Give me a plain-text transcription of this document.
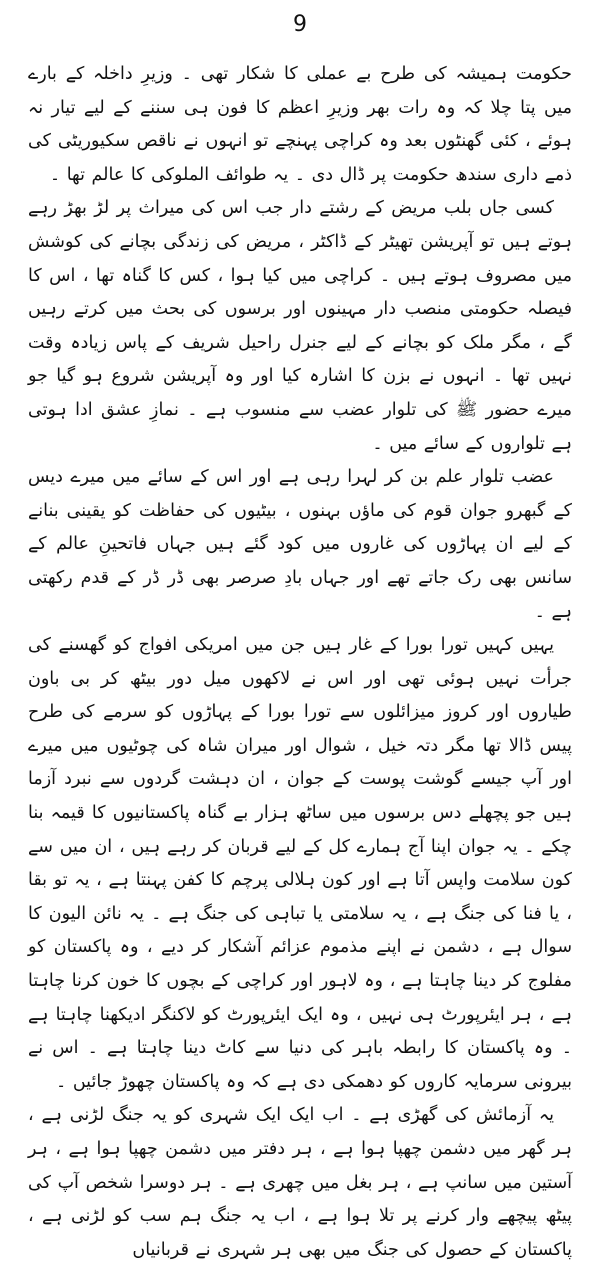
9

حکومت ہمیشہ کی طرح بے عملی کا شکار تھی ۔ وزیرِ داخلہ کے بارے میں پتا چلا کہ وہ رات بھر وزیرِ اعظم کا فون ہی سننے کے لیے تیار نہ ہوئے ، کئی گھنٹوں بعد وہ کراچی پہنچے تو انہوں نے ناقص سکیوریٹی کی ذمے داری سندھ حکومت پر ڈال دی ۔ یہ طوائف الملوکی کا عالم تھا ۔

کسی جاں بلب مریض کے رشتے دار جب اس کی میراث پر لڑ بھڑ رہے ہوتے ہیں تو آپریشن تھیٹر کے ڈاکٹر ، مریض کی زندگی بچانے کی کوشش میں مصروف ہوتے ہیں ۔ کراچی میں کیا ہوا ، کس کا گناہ تھا ، اس کا فیصلہ حکومتی منصب دار مہینوں اور برسوں کی بحث میں کرتے رہیں گے ، مگر ملک کو بچانے کے لیے جنرل راحیل شریف کے پاس زیادہ وقت نہیں تھا ۔ انہوں نے بزن کا اشارہ کیا اور وہ آپریشن شروع ہو گیا جو میرے حضور ﷺ کی تلوار عضب سے منسوب ہے ۔ نمازِ عشق ادا ہوتی ہے تلواروں کے سائے میں ۔

عضب تلوار علم بن کر لہرا رہی ہے اور اس کے سائے میں میرے دیس کے گبھرو جوان قوم کی ماؤں بہنوں ، بیٹیوں کی حفاظت کو یقینی بنانے کے لیے ان پہاڑوں کی غاروں میں کود گئے ہیں جہاں فاتحینِ عالم کے سانس بھی رک جاتے تھے اور جہاں بادِ صرصر بھی ڈر ڈر کے قدم رکھتی ہے ۔

یہیں کہیں تورا بورا کے غار ہیں جن میں امریکی افواج کو گھسنے کی جرأت نہیں ہوئی تھی اور اس نے لاکھوں میل دور بیٹھ کر بی باون طیاروں اور کروز میزائلوں سے تورا بورا کے پہاڑوں کو سرمے کی طرح پیس ڈالا تھا مگر دتہ خیل ، شوال اور میران شاہ کی چوٹیوں میں میرے اور آپ جیسے گوشت پوست کے جوان ، ان دہشت گردوں سے نبرد آزما ہیں جو پچھلے دس برسوں میں ساٹھ ہزار بے گناہ پاکستانیوں کا قیمہ بنا چکے ۔ یہ جوان اپنا آج ہمارے کل کے لیے قربان کر رہے ہیں ، ان میں سے کون سلامت واپس آتا ہے اور کون ہلالی پرچم کا کفن پہنتا ہے ، یہ تو بقا ، یا فنا کی جنگ ہے ، یہ سلامتی یا تباہی کی جنگ ہے ۔ یہ نائن الیون کا سوال ہے ، دشمن نے اپنے مذموم عزائم آشکار کر دیے ، وہ پاکستان کو مفلوج کر دینا چاہتا ہے ، وہ لاہور اور کراچی کے بچوں کا خون کرنا چاہتا ہے ، ہر ایئرپورٹ ہی نہیں ، وہ ایک ایئرپورٹ کو لاکنگر ادیکھنا چاہتا ہے ۔ وہ پاکستان کا رابطہ باہر کی دنیا سے کاٹ دینا چاہتا ہے ۔ اس نے بیرونی سرمایہ کاروں کو دھمکی دی ہے کہ وہ پاکستان چھوڑ جائیں ۔

یہ آزمائش کی گھڑی ہے ۔ اب ایک ایک شہری کو یہ جنگ لڑنی ہے ، ہر گھر میں دشمن چھپا ہوا ہے ، ہر دفتر میں دشمن چھپا ہوا ہے ، ہر آستین میں سانپ ہے ، ہر بغل میں چھری ہے ۔ ہر دوسرا شخص آپ کی پیٹھ پیچھے وار کرنے پر تلا ہوا ہے ، اب یہ جنگ ہم سب کو لڑنی ہے ، پاکستان کے حصول کی جنگ میں بھی ہر شہری نے قربانیاں
